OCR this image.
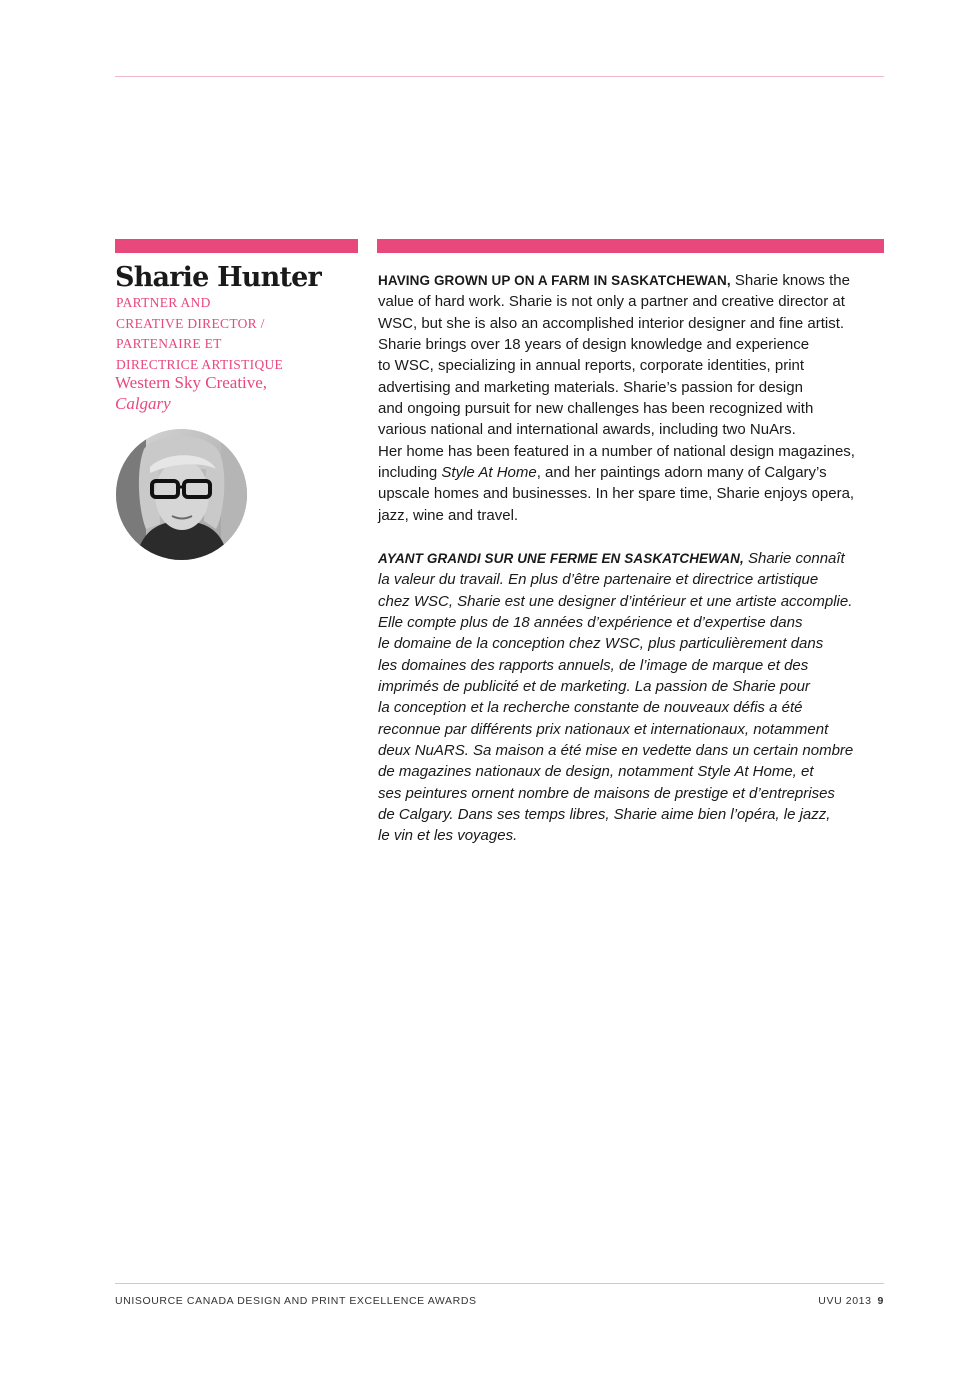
Sharie Hunter
PARTNER AND
CREATIVE DIRECTOR /
PARTENAIRE ET
DIRECTRICE ARTISTIQUE
Western Sky Creative,
Calgary
HAVING GROWN UP ON A FARM IN SASKATCHEWAN, Sharie knows the
value of hard work. Sharie is not only a partner and creative director at
WSC, but she is also an accomplished interior designer and fine artist.
Sharie brings over 18 years of design knowledge and experience
to WSC, specializing in annual reports, corporate identities, print
advertising and marketing materials. Sharie’s passion for design
and ongoing pursuit for new challenges has been recognized with
various national and international awards, including two NuArs.
Her home has been featured in a number of national design magazines,
including Style At Home, and her paintings adorn many of Calgary’s
upscale homes and businesses. In her spare time, Sharie enjoys opera,
jazz, wine and travel.
AYANT GRANDI SUR UNE FERME EN SASKATCHEWAN, Sharie connaît
la valeur du travail. En plus d’être partenaire et directrice artistique
chez WSC, Sharie est une designer d’intérieur et une artiste accomplie.
Elle compte plus de 18 années d’expérience et d’expertise dans
le domaine de la conception chez WSC, plus particulièrement dans
les domaines des rapports annuels, de l’image de marque et des
imprimés de publicité et de marketing. La passion de Sharie pour
la conception et la recherche constante de nouveaux défis a été
reconnue par différents prix nationaux et internationaux, notamment
deux NuARS. Sa maison a été mise en vedette dans un certain nombre
de magazines nationaux de design, notamment Style At Home, et
ses peintures ornent nombre de maisons de prestige et d’entreprises
de Calgary. Dans ses temps libres, Sharie aime bien l’opéra, le jazz,
le vin et les voyages.
UNISOURCE CANADA DESIGN AND PRINT EXCELLENCE AWARDS	UVU 2013 9
